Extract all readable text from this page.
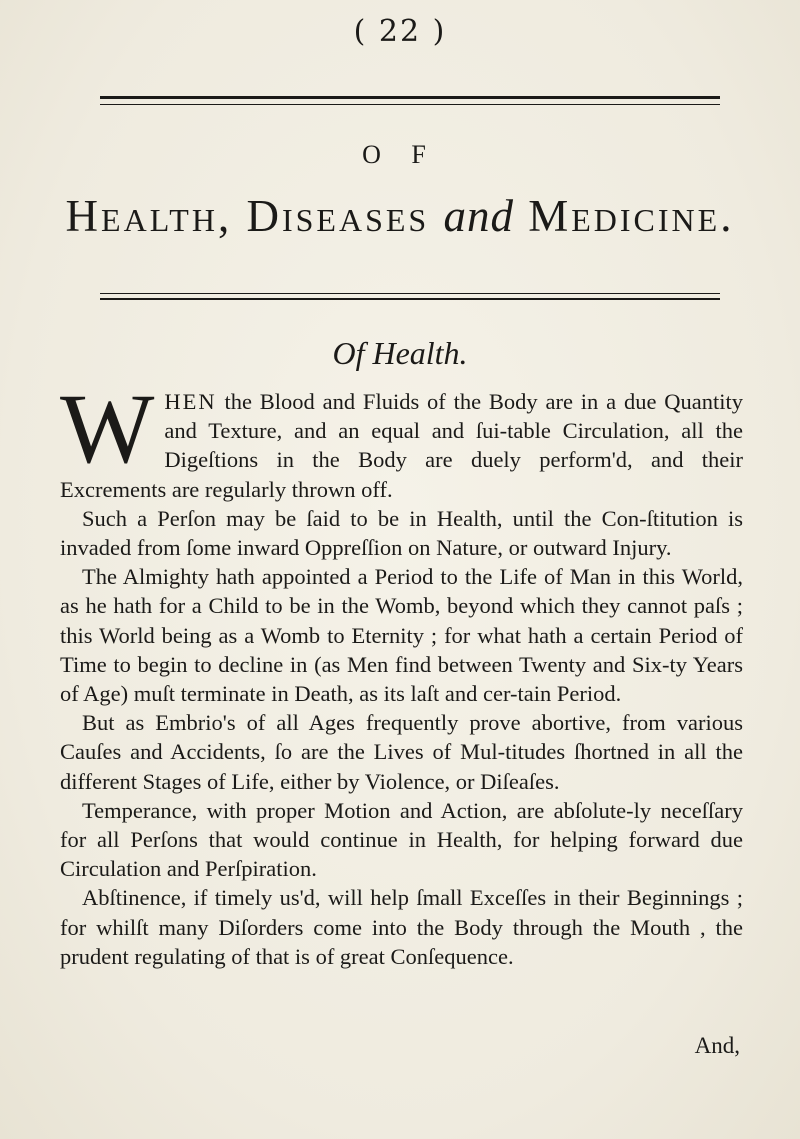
( 22 )
O F
Health, Diseases and Medicine.
Of Health.

WHEN the Blood and Fluids of the Body are in a due Quantity and Texture, and an equal and ſui-table Circulation, all the Digeſtions in the Body are duely perform'd, and their Excrements are regularly thrown off.

Such a Perſon may be ſaid to be in Health, until the Con-ſtitution is invaded from ſome inward Oppreſſion on Nature, or outward Injury.

The Almighty hath appointed a Period to the Life of Man in this World, as he hath for a Child to be in the Womb, beyond which they cannot paſs ; this World being as a Womb to Eternity ; for what hath a certain Period of Time to begin to decline in (as Men find between Twenty and Six-ty Years of Age) muſt terminate in Death, as its laſt and cer-tain Period.

But as Embrio's of all Ages frequently prove abortive, from various Cauſes and Accidents, ſo are the Lives of Mul-titudes ſhortned in all the different Stages of Life, either by Violence, or Diſeaſes.

Temperance, with proper Motion and Action, are abſolute-ly neceſſary for all Perſons that would continue in Health, for helping forward due Circulation and Perſpiration.

Abſtinence, if timely us'd, will help ſmall Exceſſes in their Beginnings ; for whilſt many Diſorders come into the Body through the Mouth , the prudent regulating of that is of great Conſequence.

And,
